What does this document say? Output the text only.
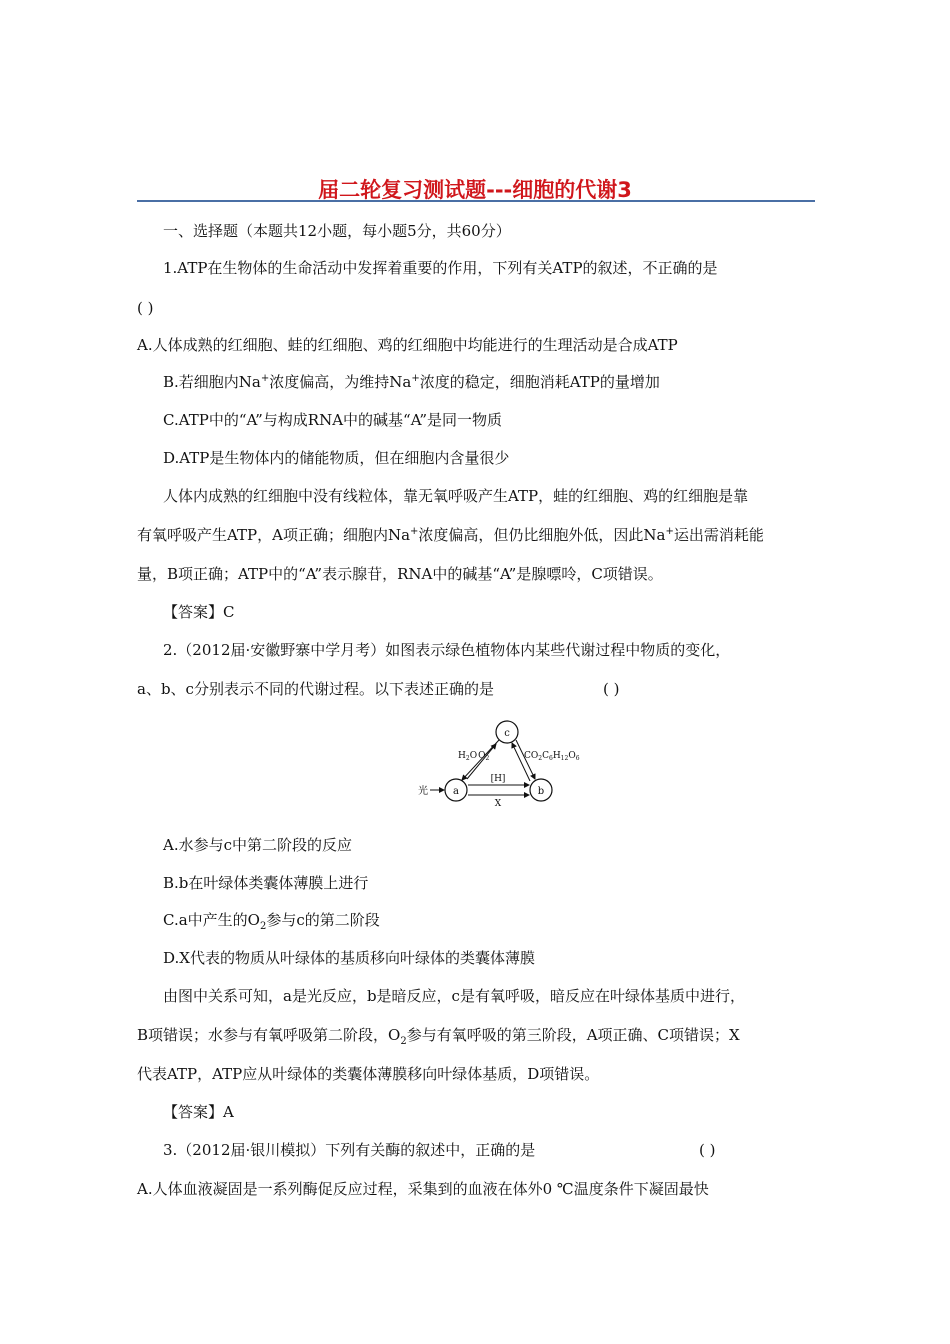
届二轮复习测试题---细胞的代谢3
一、选择题（本题共12小题，每小题5分，共60分）
1.ATP在生物体的生命活动中发挥着重要的作用，下列有关ATP的叙述，不正确的是
( )
A.人体成熟的红细胞、蛙的红细胞、鸡的红细胞中均能进行的生理活动是合成ATP
B.若细胞内Na+浓度偏高，为维持Na+浓度的稳定，细胞消耗ATP的量增加
C.ATP中的“A”与构成RNA中的碱基“A”是同一物质
D.ATP是生物体内的储能物质，但在细胞内含量很少
人体内成熟的红细胞中没有线粒体，靠无氧呼吸产生ATP，蛙的红细胞、鸡的红细胞是靠
有氧呼吸产生ATP，A项正确；细胞内Na+浓度偏高，但仍比细胞外低，因此Na+运出需消耗能
量，B项正确；ATP中的“A”表示腺苷，RNA中的碱基“A”是腺嘌呤，C项错误。
【答案】C
2.（2012届·安徽野寨中学月考）如图表示绿色植物体内某些代谢过程中物质的变化，
a、b、c分别表示不同的代谢过程。以下表述正确的是	( )
c
a	b
光
[H]
X
$H_2OO_2$	$CO_2C_6H_{12}O_6$
A.水参与c中第二阶段的反应
B.b在叶绿体类囊体薄膜上进行
C.a中产生的$O_2$参与c的第二阶段
D.X代表的物质从叶绿体的基质移向叶绿体的类囊体薄膜
由图中关系可知，a是光反应，b是暗反应，c是有氧呼吸，暗反应在叶绿体基质中进行，
B项错误；水参与有氧呼吸第二阶段，$O_2$参与有氧呼吸的第三阶段，A项正确、C项错误；X
代表ATP，ATP应从叶绿体的类囊体薄膜移向叶绿体基质，D项错误。
【答案】A
3.（2012届·银川模拟）下列有关酶的叙述中，正确的是	( )
A.人体血液凝固是一系列酶促反应过程，采集到的血液在体外0 ℃温度条件下凝固最快
